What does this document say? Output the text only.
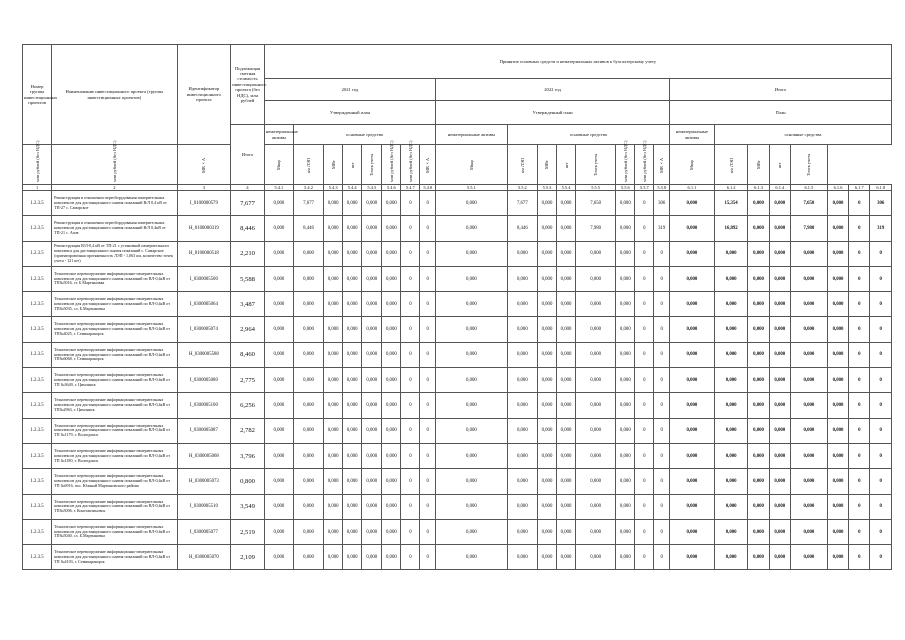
Номер группы инвестиционных проектов	Наименование инвестиционного проекта (группы инвестиционных проектов)	Идентификатор инвестиционного проекта	Подлежащая сметная стоимость инвестиционного проекта (без НДС), млн рублей	Принятие основных средств и нематериальных активов к бухгалтерскому учету																							
				2021 год								2022 год								Итого							
				Утвержденный план								Утвержденный план								План							
			Итого	нематериальные активы	основные средства							нематериальные активы	основные средства							нематериальные активы	основные средства						

млн рублей (без НДС)	млн рублей (без НДС)	МВ×А		Мвар	км ЛЭП	МВт	шт	Точек учета	млн рублей (без НДС)	млн рублей (без НДС)	МВ×А	Мвар	км ЛЭП	МВт	шт	Точек учета	млн рублей (без НДС)	млн рублей (без НДС)	МВ×А	Мвар	км ЛЭП	МВт	шт	Точек учета			

1	2	3	4	5.4.1	5.4.2	5.4.3	5.4.4	5.4.5	5.4.6	5.4.7	5.4.8	5.5.1	5.5.2	5.5.3	5.5.4	5.5.5	5.5.6	5.5.7	5.5.8	6.1.1	6.1.2	6.1.3	6.1.4	6.1.5	6.1.6	6.1.7	6.1.8
1.2.3.5	Реконструкция в отношении переоборудования измерительных комплексов для дистанционного снятия показаний В/Л 0,4 кВ от ТП-27 с. Самарское	I_0100000579	7,677	0,000	7,677	0,000	0,000	0,000	0,000	0	0	0,000	7,677	0,000	0,000	7,650	0,000	0	306	0,000	15,354	0,000	0,000	7,650	0,000	0	306
1.2.3.5	Реконструкция в отношении переоборудования измерительных комплексов для дистанционного снятия показаний В/Л 0,4кВ от ТП-21 с. Азов	H_0100000319	8,446	0,000	8,446	0,000	0,000	0,000	0,000	0	0	0,000	8,446	0,000	0,000	7,980	0,000	0	319	0,000	16,892	0,000	0,000	7,980	0,000	0	319
1.2.3.5	Реконструкция В/Л-0,4 кВ от ТП-21 с установкой измерительного комплекса для дистанционного снятия показаний с. Самарское (ориентировочная протяженность ЛЭП - 1,063 км, количество точек учета - 121 шт)	H_0100000518	2,210	0,000	0,000	0,000	0,000	0,000	0,000	0	0	0,000	0,000	0,000	0,000	0,000	0,000	0	0	0,000	0,000	0,000	0,000	0,000	0,000	0	0
1.2.3.5	Техническое перевооружение информационно-измерительных комплексов для дистанционного снятия показаний по ВЛ-0,4кВ от ТП№5016, ст. Б.Мартыновка	I_0300005500	5,588	0,000	0,000	0,000	0,000	0,000	0,000	0	0	0,000	0,000	0,000	0,000	0,000	0,000	0	0	0,000	0,000	0,000	0,000	0,000	0,000	0	0
1.2.3.5	Техническое перевооружение информационно-измерительных комплексов для дистанционного снятия показаний по ВЛ-0,4кВ от ТП№5035, сл. Б.Мартыновка	I_0300005064	3,487	0,000	0,000	0,000	0,000	0,000	0,000	0	0	0,000	0,000	0,000	0,000	0,000	0,000	0	0	0,000	0,000	0,000	0,000	0,000	0,000	0	0
1.2.3.5	Техническое перевооружение информационно-измерительных комплексов для дистанционного снятия показаний по ВЛ-0,4кВ от ТП№4025, г. Семикаракорск	I_0300005074	2,964	0,000	0,000	0,000	0,000	0,000	0,000	0	0	0,000	0,000	0,000	0,000	0,000	0,000	0	0	0,000	0,000	0,000	0,000	0,000	0,000	0	0
1.2.3.5	Техническое перевооружение информационно-измерительных комплексов для дистанционного снятия показаний по ВЛ-0,4кВ от ТП№6068, г. Семикаракорск	H_0300005588	8,460	0,000	0,000	0,000	0,000	0,000	0,000	0	0	0,000	0,000	0,000	0,000	0,000	0,000	0	0	0,000	0,000	0,000	0,000	0,000	0,000	0	0
1.2.3.5	Техническое перевооружение информационно-измерительных комплексов для дистанционного снятия показаний по ВЛ-0,4кВ от ТП №3649, г. Цимлянск	I_0300005080	2,775	0,000	0,000	0,000	0,000	0,000	0,000	0	0	0,000	0,000	0,000	0,000	0,000	0,000	0	0	0,000	0,000	0,000	0,000	0,000	0,000	0	0
1.2.3.5	Техническое перевооружение информационно-измерительных комплексов для дистанционного снятия показаний по ВЛ-0,4кВ от ТП№2963, г. Цимлянск	I_0300005100	6,256	0,000	0,000	0,000	0,000	0,000	0,000	0	0	0,000	0,000	0,000	0,000	0,000	0,000	0	0	0,000	0,000	0,000	0,000	0,000	0,000	0	0
1.2.3.5	Техническое перевооружение информационно-измерительных комплексов для дистанционного снятия показаний по ВЛ-0,4кВ от ТП №1179, г. Волгодонск	I_0300005087	2,782	0,000	0,000	0,000	0,000	0,000	0,000	0	0	0,000	0,000	0,000	0,000	0,000	0,000	0	0	0,000	0,000	0,000	0,000	0,000	0,000	0	0
1.2.3.5	Техническое перевооружение информационно-измерительных комплексов для дистанционного снятия показаний по ВЛ-0,4кВ от ТП №1180, г. Волгодонск	H_0300005068	3,796	0,000	0,000	0,000	0,000	0,000	0,000	0	0	0,000	0,000	0,000	0,000	0,000	0,000	0	0	0,000	0,000	0,000	0,000	0,000	0,000	0	0
1.2.3.5	Техническое перевооружение информационно-измерительных комплексов для дистанционного снятия показаний по ВЛ-0,4кВ от ТП №6916, пос. Южный Мартыновского района	H_0300005073	0,800	0,000	0,000	0,000	0,000	0,000	0,000	0	0	0,000	0,000	0,000	0,000	0,000	0,000	0	0	0,000	0,000	0,000	0,000	0,000	0,000	0	0
1.2.3.5	Техническое перевооружение информационно-измерительных комплексов для дистанционного снятия показаний по ВЛ-0,4кВ от ТП№5006, г. Константиновск	I_0300005510	3,549	0,000	0,000	0,000	0,000	0,000	0,000	0	0	0,000	0,000	0,000	0,000	0,000	0,000	0	0	0,000	0,000	0,000	0,000	0,000	0,000	0	0
1.2.3.5	Техническое перевооружение информационно-измерительных комплексов для дистанционного снятия показаний по ВЛ-0,4кВ от ТП№5040, сл. Б.Мартыновка	I_0300005077	2,519	0,000	0,000	0,000	0,000	0,000	0,000	0	0	0,000	0,000	0,000	0,000	0,000	0,000	0	0	0,000	0,000	0,000	0,000	0,000	0,000	0	0
1.2.3.5	Техническое перевооружение информационно-измерительных комплексов для дистанционного снятия показаний по ВЛ-0,4кВ от ТП №4103, г. Семикаракорск	H_0300005070	2,109	0,000	0,000	0,000	0,000	0,000	0,000	0	0	0,000	0,000	0,000	0,000	0,000	0,000	0	0	0,000	0,000	0,000	0,000	0,000	0,000	0	0
